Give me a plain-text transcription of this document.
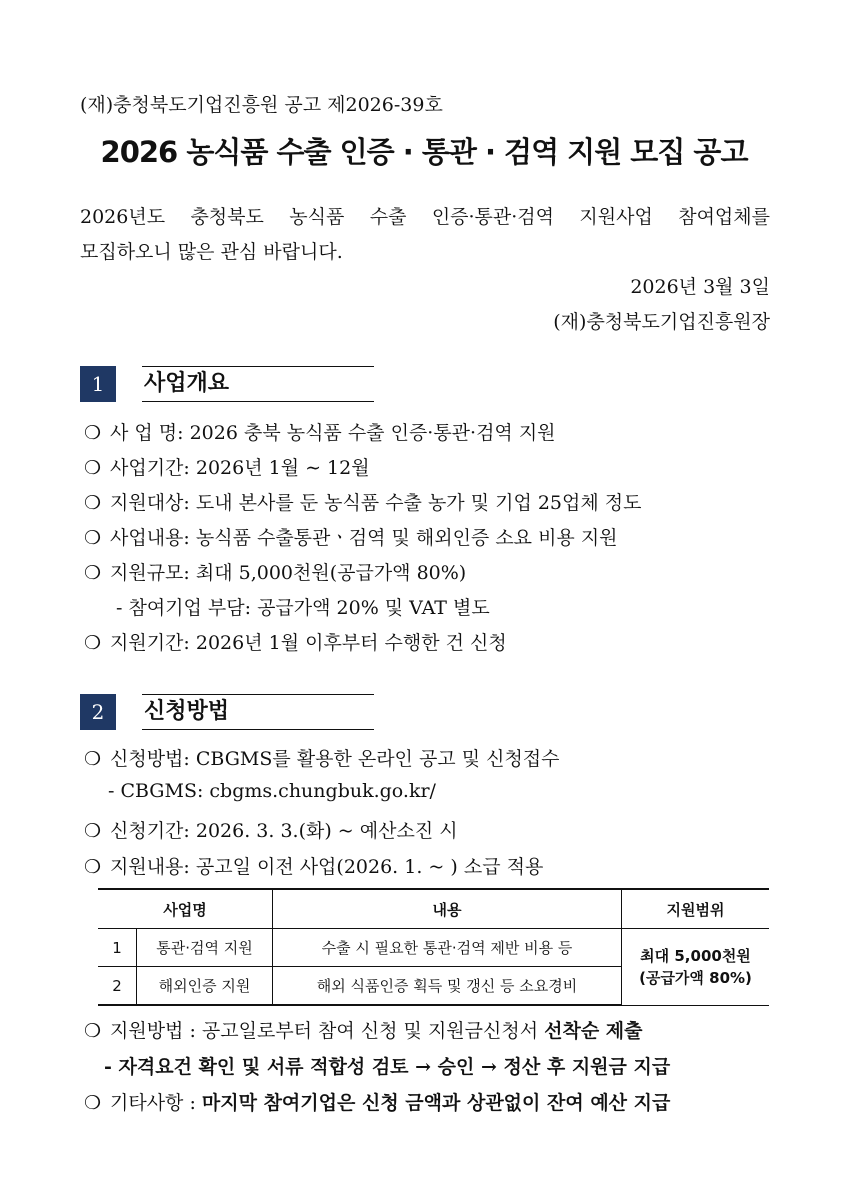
(재)충청북도기업진흥원 공고 제2026-39호
2026 농식품 수출 인증 · 통관 · 검역 지원 모집 공고
2026년도 충청북도 농식품 수출 인증·통관·검역 지원사업 참여업체를
모집하오니 많은 관심 바랍니다.
2026년 3월 3일
(재)충청북도기업진흥원장
1	사업개요
❍ 사 업 명: 2026 충북 농식품 수출 인증·통관·검역 지원
❍ 사업기간: 2026년 1월 ∼ 12월
❍ 지원대상: 도내 본사를 둔 농식품 수출 농가 및 기업 25업체 정도
❍ 사업내용: 농식품 수출통관ㆍ검역 및 해외인증 소요 비용 지원
❍ 지원규모: 최대 5,000천원(공급가액 80%)
- 참여기업 부담: 공급가액 20% 및 VAT 별도
❍ 지원기간: 2026년 1월 이후부터 수행한 건 신청
2	신청방법
❍ 신청방법: CBGMS를 활용한 온라인 공고 및 신청접수
- CBGMS: cbgms.chungbuk.go.kr/
❍ 신청기간: 2026. 3. 3.(화) ~ 예산소진 시
❍ 지원내용: 공고일 이전 사업(2026. 1. ~ ) 소급 적용
사업명		내용	지원범위
1	통관·검역 지원	수출 시 필요한 통관·검역 제반 비용 등	최대 5,000천원
(공급가액 80%)

2	해외인증 지원	해외 식품인증 획득 및 갱신 등 소요경비	
❍ 지원방법 : 공고일로부터 참여 신청 및 지원금신청서 선착순 제출
- 자격요건 확인 및 서류 적합성 검토 → 승인 → 정산 후 지원금 지급
❍ 기타사항 : 마지막 참여기업은 신청 금액과 상관없이 잔여 예산 지급
